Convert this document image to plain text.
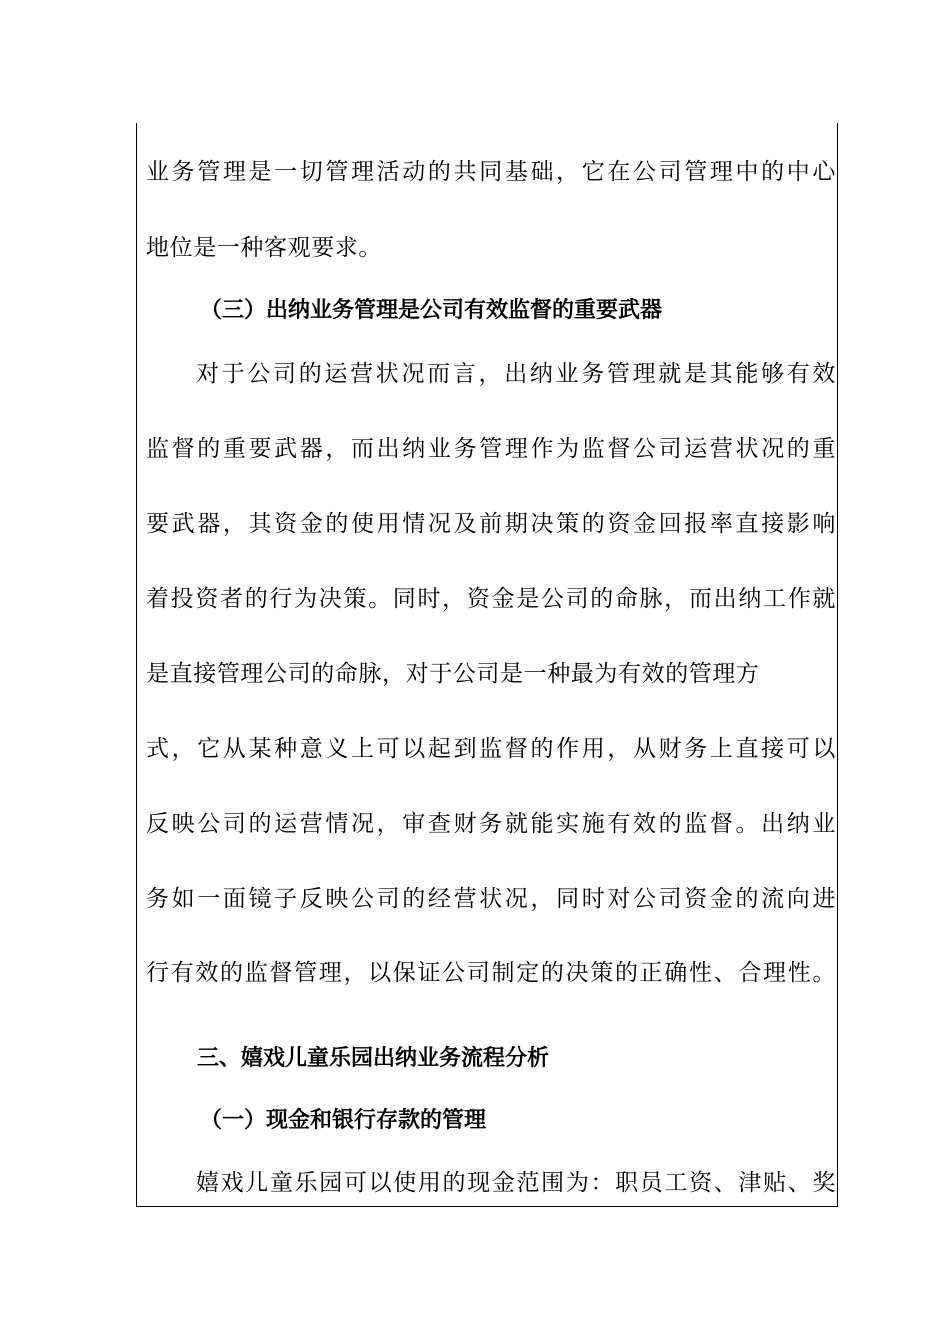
业务管理是一切管理活动的共同基础，它在公司管理中的中心
地位是一种客观要求。
（三）出纳业务管理是公司有效监督的重要武器
对于公司的运营状况而言，出纳业务管理就是其能够有效
监督的重要武器，而出纳业务管理作为监督公司运营状况的重
要武器，其资金的使用情况及前期决策的资金回报率直接影响
着投资者的行为决策。同时，资金是公司的命脉，而出纳工作就
是直接管理公司的命脉，对于公司是一种最为有效的管理方
式，它从某种意义上可以起到监督的作用，从财务上直接可以
反映公司的运营情况，审查财务就能实施有效的监督。出纳业
务如一面镜子反映公司的经营状况，同时对公司资金的流向进
行有效的监督管理，以保证公司制定的决策的正确性、合理性。
三、嬉戏儿童乐园出纳业务流程分析
（一）现金和银行存款的管理
嬉戏儿童乐园可以使用的现金范围为：职员工资、津贴、奖
